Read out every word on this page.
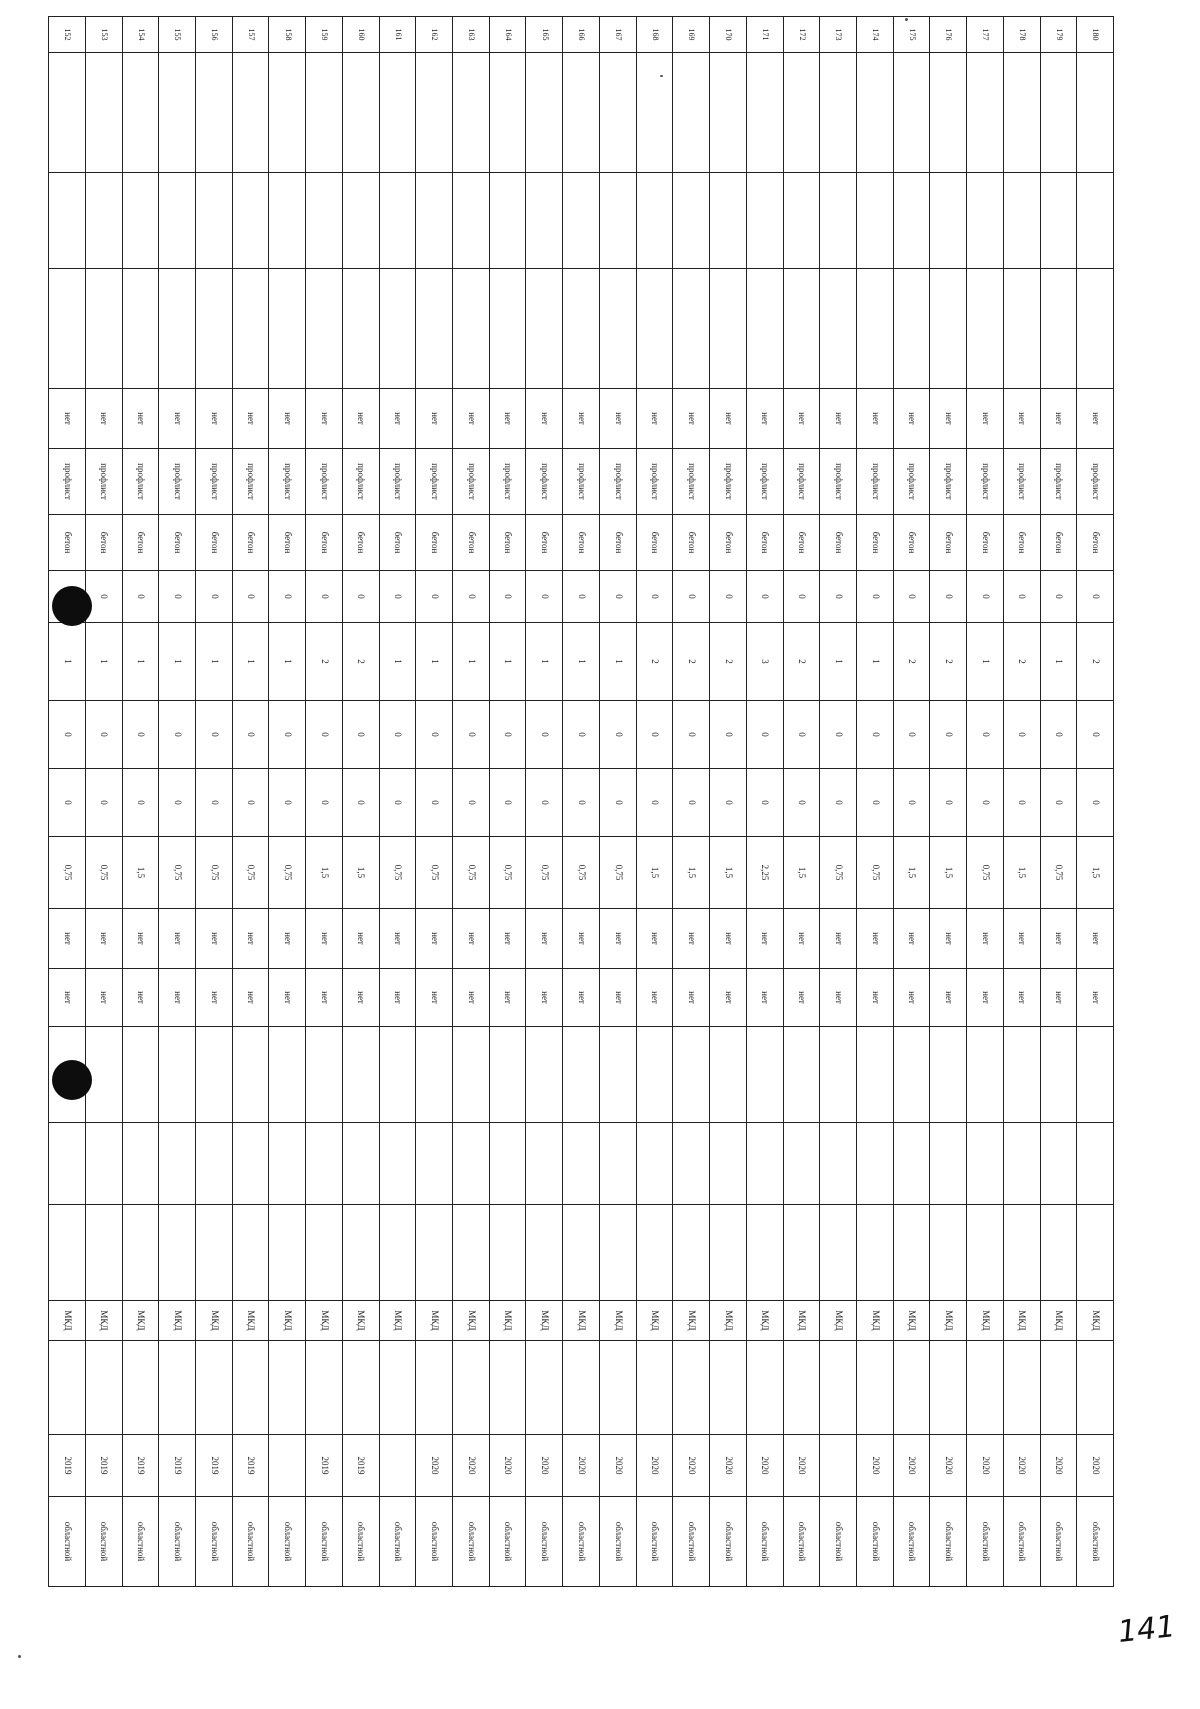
180				нет	профлист	бетон	0	2	0	0	1,5	нет	нет				МКД		2020	областной
179				нет	профлист	бетон	0	1	0	0	0,75	нет	нет				МКД		2020	областной
178				нет	профлист	бетон	0	2	0	0	1,5	нет	нет				МКД		2020	областной
177				нет	профлист	бетон	0	1	0	0	0,75	нет	нет				МКД		2020	областной
176				нет	профлист	бетон	0	2	0	0	1,5	нет	нет				МКД		2020	областной
175				нет	профлист	бетон	0	2	0	0	1,5	нет	нет				МКД		2020	областной
174				нет	профлист	бетон	0	1	0	0	0,75	нет	нет				МКД		2020	областной
173				нет	профлист	бетон	0	1	0	0	0,75	нет	нет				МКД			областной
172				нет	профлист	бетон	0	2	0	0	1,5	нет	нет				МКД		2020	областной
171				нет	профлист	бетон	0	3	0	0	2,25	нет	нет				МКД		2020	областной
170				нет	профлист	бетон	0	2	0	0	1,5	нет	нет				МКД		2020	областной
169				нет	профлист	бетон	0	2	0	0	1,5	нет	нет				МКД		2020	областной
168				нет	профлист	бетон	0	2	0	0	1,5	нет	нет				МКД		2020	областной
167				нет	профлист	бетон	0	1	0	0	0,75	нет	нет				МКД		2020	областной
166				нет	профлист	бетон	0	1	0	0	0,75	нет	нет				МКД		2020	областной
165				нет	профлист	бетон	0	1	0	0	0,75	нет	нет				МКД		2020	областной
164				нет	профлист	бетон	0	1	0	0	0,75	нет	нет				МКД		2020	областной
163				нет	профлист	бетон	0	1	0	0	0,75	нет	нет				МКД		2020	областной
162				нет	профлист	бетон	0	1	0	0	0,75	нет	нет				МКД		2020	областной
161				нет	профлист	бетон	0	1	0	0	0,75	нет	нет				МКД			областной
160				нет	профлист	бетон	0	2	0	0	1,5	нет	нет				МКД		2019	областной
159				нет	профлист	бетон	0	2	0	0	1,5	нет	нет				МКД		2019	областной
158				нет	профлист	бетон	0	1	0	0	0,75	нет	нет				МКД			областной
157				нет	профлист	бетон	0	1	0	0	0,75	нет	нет				МКД		2019	областной
156				нет	профлист	бетон	0	1	0	0	0,75	нет	нет				МКД		2019	областной
155				нет	профлист	бетон	0	1	0	0	0,75	нет	нет				МКД		2019	областной
154				нет	профлист	бетон	0	1	0	0	1,5	нет	нет				МКД		2019	областной
153				нет	профлист	бетон	0	1	0	0	0,75	нет	нет				МКД		2019	областной
152				нет	профлист	бетон		1	0	0	0,75	нет	нет				МКД		2019	областной
141
